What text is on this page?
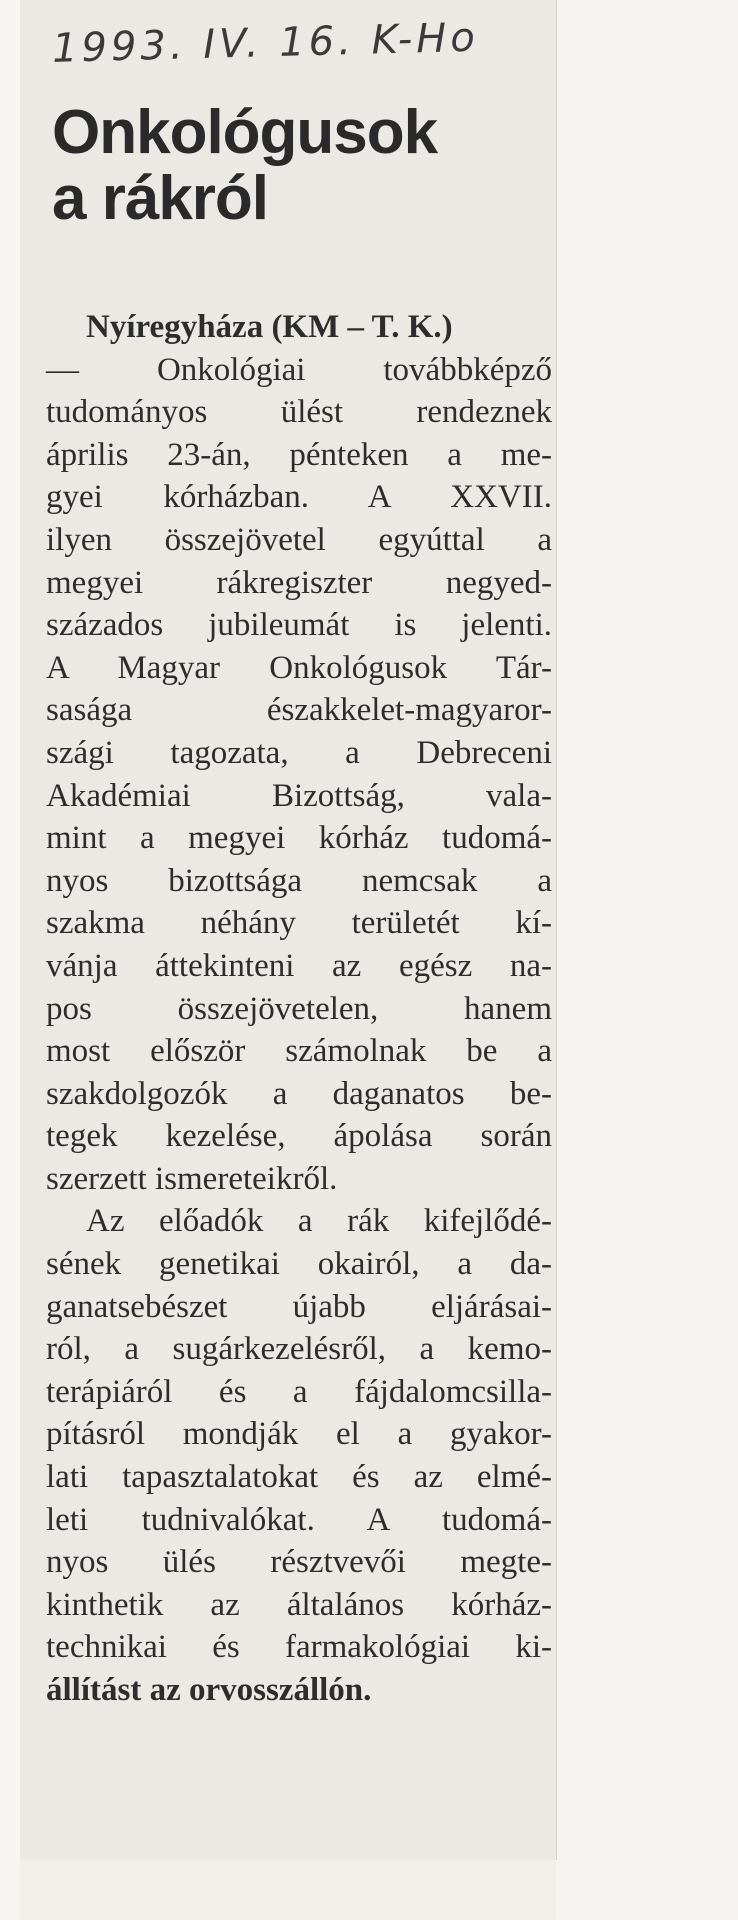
1993. IV. 16. K-Ho
Onkológusok
a rákról
Nyíregyháza (KM – T. K.)
— Onkológiai továbbképző
tudományos ülést rendeznek
április 23-án, pénteken a me-
gyei kórházban. A XXVII.
ilyen összejövetel egyúttal a
megyei rákregiszter negyed-
százados jubileumát is jelenti.
A Magyar Onkológusok Tár-
sasága északkelet-magyaror-
szági tagozata, a Debreceni
Akadémiai Bizottság, vala-
mint a megyei kórház tudomá-
nyos bizottsága nemcsak a
szakma néhány területét kí-
vánja áttekinteni az egész na-
pos összejövetelen, hanem
most először számolnak be a
szakdolgozók a daganatos be-
tegek kezelése, ápolása során
szerzett ismereteikről.
Az előadók a rák kifejlődé-
sének genetikai okairól, a da-
ganatsebészet újabb eljárásai-
ról, a sugárkezelésről, a kemo-
terápiáról és a fájdalomcsilla-
pításról mondják el a gyakor-
lati tapasztalatokat és az elmé-
leti tudnivalókat. A tudomá-
nyos ülés résztvevői megte-
kinthetik az általános kórház-
technikai és farmakológiai ki-
állítást az orvosszállón.
